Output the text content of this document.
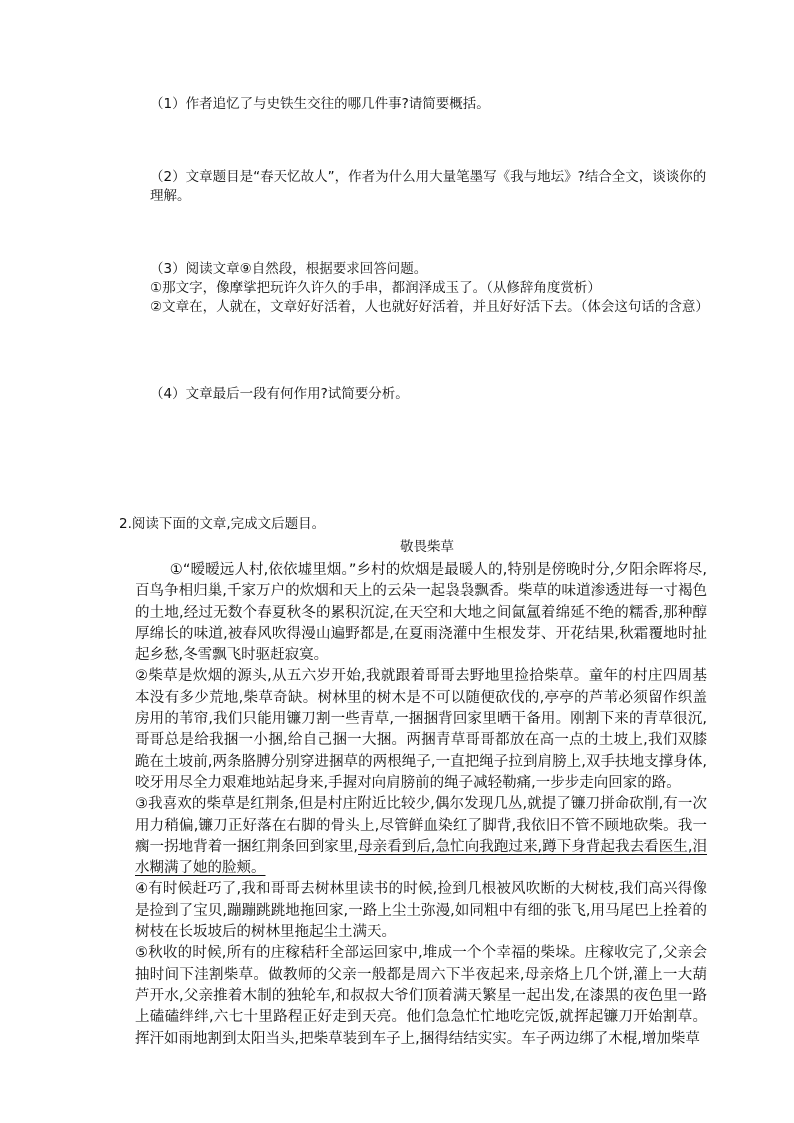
（1）作者追忆了与史铁生交往的哪几件事?请简要概括。

（2）文章题目是“春天忆故人”，作者为什么用大量笔墨写《我与地坛》?结合全文，谈谈你的理解。

（3）阅读文章⑨自然段，根据要求回答问题。

①那文字，像摩挲把玩许久许久的手串，都润泽成玉了。（从修辞角度赏析）

②文章在，人就在，文章好好活着，人也就好好活着，并且好好活下去。（体会这句话的含意）

（4）文章最后一段有何作用?试简要分析。

2.阅读下面的文章,完成文后题目。

敬畏柴草

①“暧暧远人村,依依墟里烟。”乡村的炊烟是最暖人的,特别是傍晚时分,夕阳余晖将尽,百鸟争相归巢,千家万户的炊烟和天上的云朵一起袅袅飘香。柴草的味道渗透进每一寸褐色的土地,经过无数个春夏秋冬的累积沉淀,在天空和大地之间氤氲着绵延不绝的糯香,那种醇厚绵长的味道,被春风吹得漫山遍野都是,在夏雨浇灌中生根发芽、开花结果,秋霜覆地时扯起乡愁,冬雪飘飞时驱赶寂寞。

②柴草是炊烟的源头,从五六岁开始,我就跟着哥哥去野地里捡拾柴草。童年的村庄四周基本没有多少荒地,柴草奇缺。树林里的树木是不可以随便砍伐的,亭亭的芦苇必须留作织盖房用的苇帘,我们只能用镰刀割一些青草,一捆捆背回家里晒干备用。刚割下来的青草很沉,哥哥总是给我捆一小捆,给自己捆一大捆。两捆青草哥哥都放在高一点的土坡上,我们双膝跪在土坡前,两条胳膊分别穿进捆草的两根绳子,一直把绳子拉到肩膀上,双手扶地支撑身体,咬牙用尽全力艰难地站起身来,手握对向肩膀前的绳子减轻勒痛,一步步走向回家的路。

③我喜欢的柴草是红荆条,但是村庄附近比较少,偶尔发现几丛,就提了镰刀拼命砍削,有一次用力稍偏,镰刀正好落在右脚的骨头上,尽管鲜血染红了脚背,我依旧不管不顾地砍柴。我一瘸一拐地背着一捆红荆条回到家里,母亲看到后,急忙向我跑过来,蹲下身背起我去看医生,泪水糊满了她的脸颊。

④有时候赶巧了,我和哥哥去树林里读书的时候,捡到几根被风吹断的大树枝,我们高兴得像是捡到了宝贝,蹦蹦跳跳地拖回家,一路上尘土弥漫,如同粗中有细的张飞,用马尾巴上拴着的树枝在长坂坡后的树林里拖起尘土满天。

⑤秋收的时候,所有的庄稼秸秆全部运回家中,堆成一个个幸福的柴垛。庄稼收完了,父亲会抽时间下洼割柴草。做教师的父亲一般都是周六下半夜起来,母亲烙上几个饼,灌上一大葫芦开水,父亲推着木制的独轮车,和叔叔大爷们顶着满天繁星一起出发,在漆黑的夜色里一路上磕磕绊绊,六七十里路程正好走到天亮。他们急急忙忙地吃完饭,就挥起镰刀开始割草。挥汗如雨地割到太阳当头,把柴草装到车子上,捆得结结实实。车子两边绑了木棍,增加柴草
